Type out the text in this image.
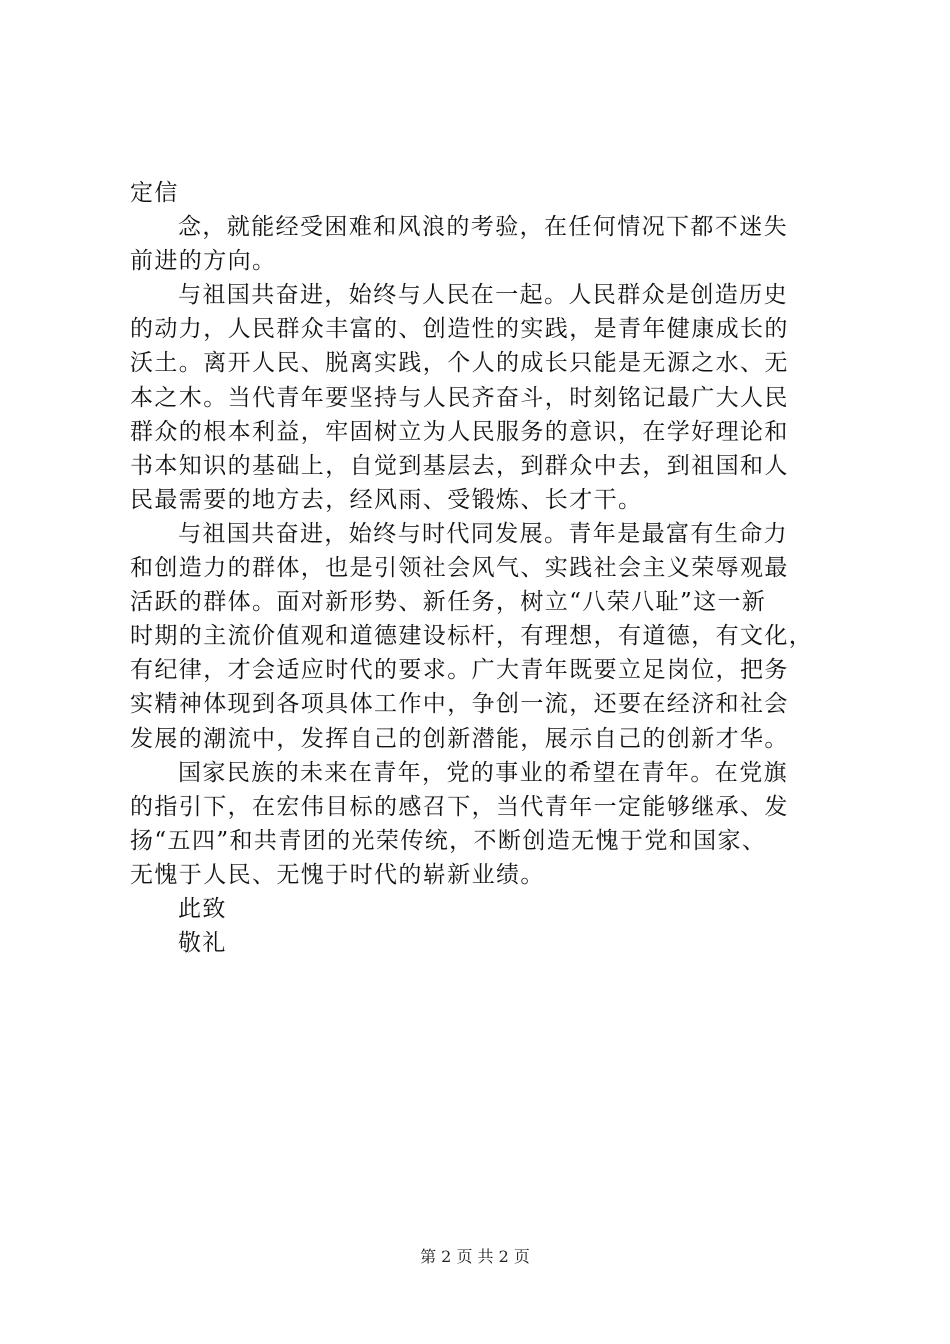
定信
念，就能经受困难和风浪的考验，在任何情况下都不迷失
前进的方向。
与祖国共奋进，始终与人民在一起。人民群众是创造历史
的动力，人民群众丰富的、创造性的实践，是青年健康成长的
沃土。离开人民、脱离实践，个人的成长只能是无源之水、无
本之木。当代青年要坚持与人民齐奋斗，时刻铭记最广大人民
群众的根本利益，牢固树立为人民服务的意识，在学好理论和
书本知识的基础上，自觉到基层去，到群众中去，到祖国和人
民最需要的地方去，经风雨、受锻炼、长才干。
与祖国共奋进，始终与时代同发展。青年是最富有生命力
和创造力的群体，也是引领社会风气、实践社会主义荣辱观最
活跃的群体。面对新形势、新任务，树立“八荣八耻”这一新
时期的主流价值观和道德建设标杆，有理想，有道德，有文化，
有纪律，才会适应时代的要求。广大青年既要立足岗位，把务
实精神体现到各项具体工作中，争创一流，还要在经济和社会
发展的潮流中，发挥自己的创新潜能，展示自己的创新才华。
国家民族的未来在青年，党的事业的希望在青年。在党旗
的指引下，在宏伟目标的感召下，当代青年一定能够继承、发
扬“五四”和共青团的光荣传统，不断创造无愧于党和国家、
无愧于人民、无愧于时代的崭新业绩。
此致
敬礼
第 2 页 共 2 页
